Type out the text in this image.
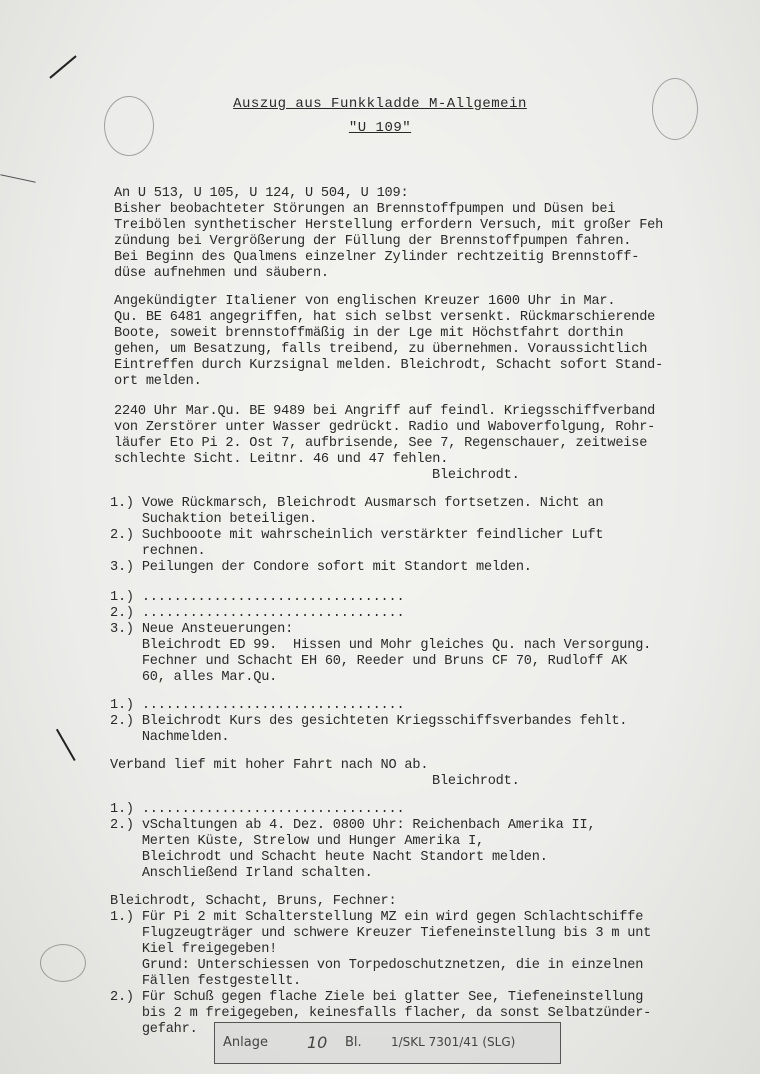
Auszug aus Funkkladde M-Allgemein
"U 109"
An U 513, U 105, U 124, U 504, U 109:
Bisher beobachteter Störungen an Brennstoffpumpen und Düsen bei
Treibölen synthetischer Herstellung erfordern Versuch, mit großer Feh
zündung bei Vergrößerung der Füllung der Brennstoffpumpen fahren.
Bei Beginn des Qualmens einzelner Zylinder rechtzeitig Brennstoff-
düse aufnehmen und säubern.
Angekündigter Italiener von englischen Kreuzer 1600 Uhr in Mar.
Qu. BE 6481 angegriffen, hat sich selbst versenkt. Rückmarschierende
Boote, soweit brennstoffmäßig in der Lge mit Höchstfahrt dorthin
gehen, um Besatzung, falls treibend, zu übernehmen. Voraussichtlich
Eintreffen durch Kurzsignal melden. Bleichrodt, Schacht sofort Stand-
ort melden.
2240 Uhr Mar.Qu. BE 9489 bei Angriff auf feindl. Kriegsschiffverband
von Zerstörer unter Wasser gedrückt. Radio und Waboverfolgung, Rohr-
läufer Eto Pi 2. Ost 7, aufbrisende, See 7, Regenschauer, zeitweise
schlechte Sicht. Leitnr. 46 und 47 fehlen.
Bleichrodt.
1.) Vowe Rückmarsch, Bleichrodt Ausmarsch fortsetzen. Nicht an
Suchaktion beteiligen.
2.) Suchbooote mit wahrscheinlich verstärkter feindlicher Luft
rechnen.
3.) Peilungen der Condore sofort mit Standort melden.
1.) .................................
2.) .................................
3.) Neue Ansteuerungen:
Bleichrodt ED 99.  Hissen und Mohr gleiches Qu. nach Versorgung.
Fechner und Schacht EH 60, Reeder und Bruns CF 70, Rudloff AK
60, alles Mar.Qu.
1.) .................................
2.) Bleichrodt Kurs des gesichteten Kriegsschiffsverbandes fehlt.
Nachmelden.
Verband lief mit hoher Fahrt nach NO ab.
Bleichrodt.
1.) .................................
2.) vSchaltungen ab 4. Dez. 0800 Uhr: Reichenbach Amerika II,
Merten Küste, Strelow und Hunger Amerika I,
Bleichrodt und Schacht heute Nacht Standort melden.
Anschließend Irland schalten.
Bleichrodt, Schacht, Bruns, Fechner:
1.) Für Pi 2 mit Schalterstellung MZ ein wird gegen Schlachtschiffe
Flugzeugträger und schwere Kreuzer Tiefeneinstellung bis 3 m unt
Kiel freigegeben!
Grund: Unterschiessen von Torpedoschutznetzen, die in einzelnen
Fällen festgestellt.
2.) Für Schuß gegen flache Ziele bei glatter See, Tiefeneinstellung
bis 2 m freigegeben, keinesfalls flacher, da sonst Selbatzünder-
gefahr.
Anlage 10 Bl. 1/SKL 7301/41 (SLG)
